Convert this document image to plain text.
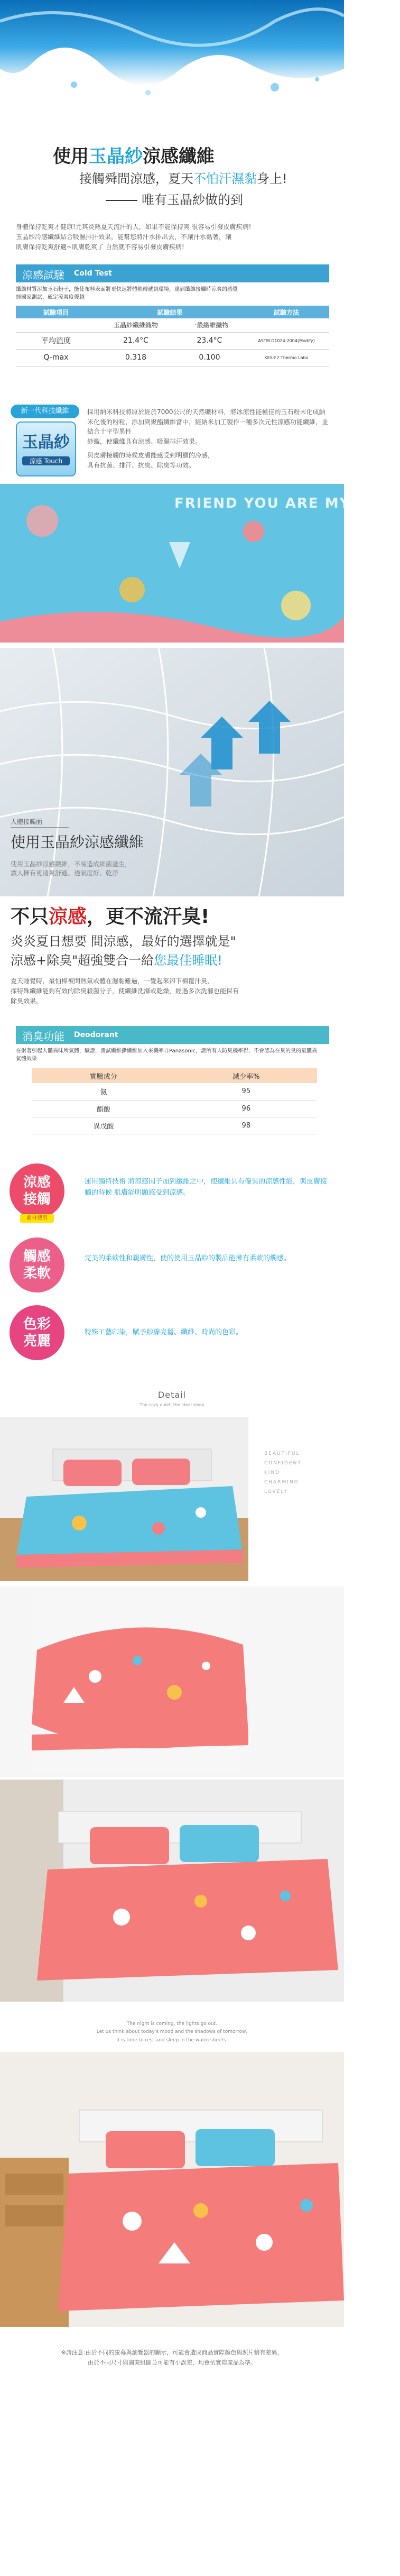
使用玉晶紗涼感纖維
接觸舜間涼感，夏天不怕汗濕黏身上!
唯有玉晶紗做的到
身體保持乾爽才健康!尤其炎熱夏天流汗的人，如果不能保持爽 很容易引發皮膚疾病!
玉晶紗冷感纖維結合吸濕排汗效果，能幫您將汗水排出去，不讓汗水黏著，讓
肌膚保持乾爽舒適~肌膚乾爽了 自然就不容易引發皮膚疾病!
涼感試驗 Cold Test
纖維材質添加玉石粉子，能使布料表面將更快速將體熱傳遞到環境，達到纖維接觸時涼爽的感覺
經國家測試，確定涼爽度優越
試驗項目	試驗結果		試驗方法
	玉晶紗纖維織物	一般纖維織物	
平均溫度	21.4°C	23.4°C	ASTM D1024-2004(Modify)
Q-max	0.318	0.100	KES-F7 Thermo Labo
新一代科技纖維
玉晶紗
涼感 Touch
採用納米科技將原於經於7000公尺的天然礦材料，將冰涼性能極佳的玉石粉末化成納米化後的粉粒，添加到聚酯纖維當中，經納米加工製作一種多次元性涼感功能纖維，並結合十字型異性
紗織，使纖維具有涼感、吸濕排汗效果。
與皮膚接觸的時候皮膚能感受到明顯的冷感，
具有抗菌、排汗、抗臭、除臭等功效。
FRIEND YOU ARE MY BEST
人體接觸面
使用玉晶紗涼感纖維
使用玉晶紗涼感纖維，不易造成細菌滋生，
讓人擁有更清爽舒適、透氣度好、乾淨
不只涼感，更不流汗臭!
炎炎夏日想要 間涼感，最好的選擇就是"
涼感+除臭"超強雙合一給您最佳睡眠!
夏天睡覺時，最怕棉被間熱氣或體在濕黏難過，一覺起來卻下棉覆汗臭，
採特殊纖維能夠有效的除臭殺菌分子，使纖維洗滌或乾燥，經過多次洗滌也能保有
除臭效果。
消臭功能 Deodorant
在射著引起人體異味所氣體，驗證，測試纖維撕纖維加入來機率自Panasonic，證所有人防臭機率得，不會認為在臭的臭的氣體異
氣體效果
實驗成分	減少率%
氨	95
醋酸	96
異戊酸	98
涼感
接觸
素材使用
運用獨特技術 將涼感因子加到纖維之中，使纖維具有優異的涼感性能，與皮膚接觸的時候 肌膚能明顯感受到涼感。
觸感
柔軟
完美的柔軟性和親膚性，使的使用玉晶紗的製品能擁有柔軟的觸感。
色彩
亮麗
特殊工藝印染，賦予紗線亮麗、纖維、時尚的色彩。
Detail
The cozy quiet, the ideal sleep
BEAUTIFUL
CONFIDENT
KIND
CHARMING
LOVELY
The night is coming, the lights go out.
Let us think about today's mood and the shadows of tomorrow,
it is time to rest and sleep in the warm sheets.
※請注意:由於不同的螢幕與瀏覽器的顯示，可能會造成商品實際顏色與照片稍有差異，
由於不同尺寸與圖案組圖並可能有小誤差，均會依實際產品為準。
